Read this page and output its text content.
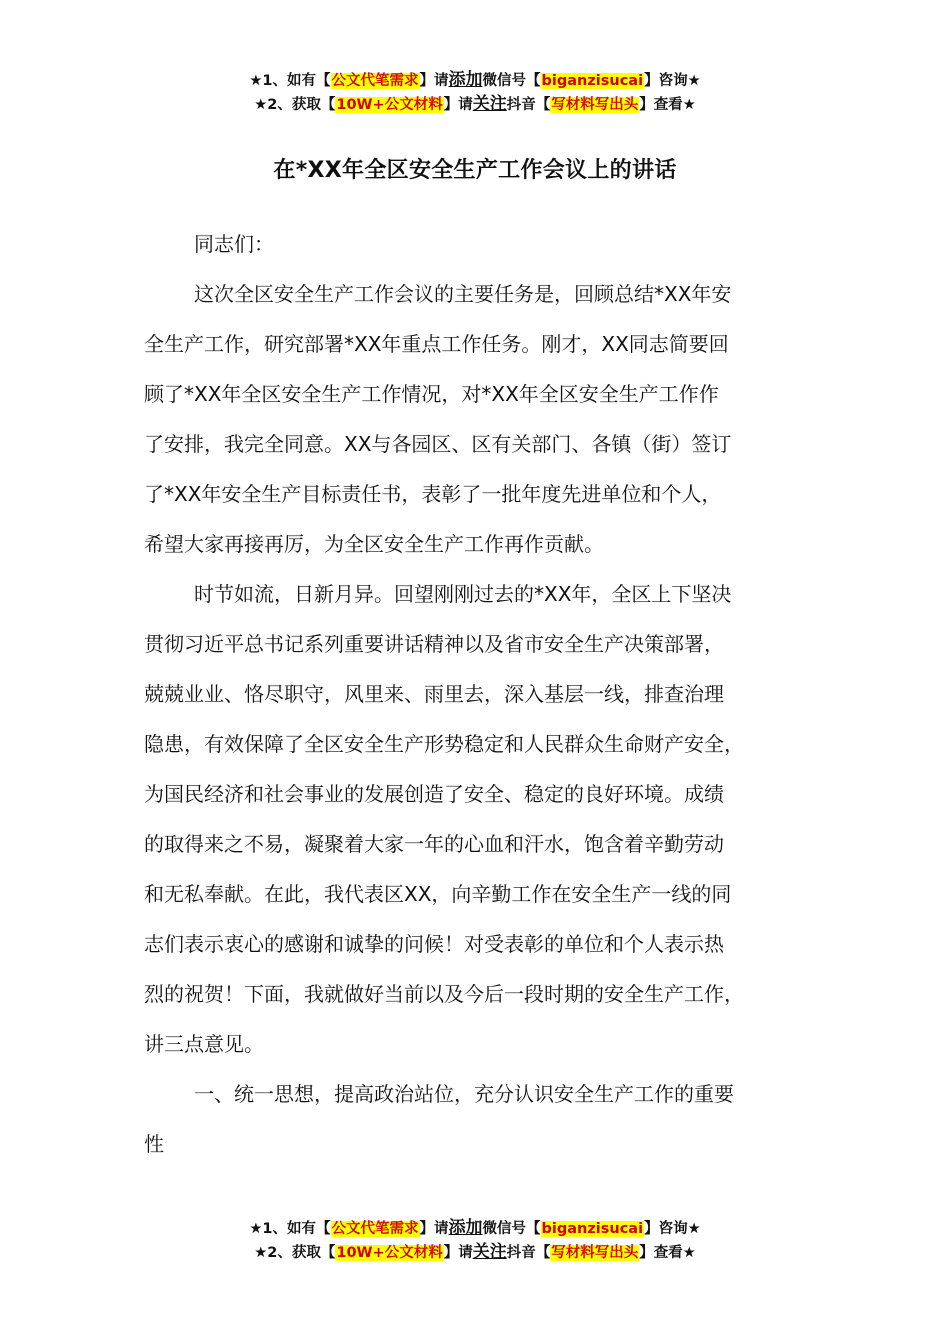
★1、如有【公文代笔需求】请添加微信号【biganzisucai】咨询★
★2、获取【10W+公文材料】请关注抖音【写材料写出头】查看★
在*XX年全区安全生产工作会议上的讲话
同志们：
这次全区安全生产工作会议的主要任务是，回顾总结*XX年安
全生产工作，研究部署*XX年重点工作任务。刚才，XX同志简要回
顾了*XX年全区安全生产工作情况，对*XX年全区安全生产工作作
了安排，我完全同意。XX与各园区、区有关部门、各镇（街）签订
了*XX年安全生产目标责任书，表彰了一批年度先进单位和个人，
希望大家再接再厉，为全区安全生产工作再作贡献。
时节如流，日新月异。回望刚刚过去的*XX年，全区上下坚决
贯彻习近平总书记系列重要讲话精神以及省市安全生产决策部署，
兢兢业业、恪尽职守，风里来、雨里去，深入基层一线，排查治理
隐患，有效保障了全区安全生产形势稳定和人民群众生命财产安全，
为国民经济和社会事业的发展创造了安全、稳定的良好环境。成绩
的取得来之不易，凝聚着大家一年的心血和汗水，饱含着辛勤劳动
和无私奉献。在此，我代表区XX，向辛勤工作在安全生产一线的同
志们表示衷心的感谢和诚挚的问候！对受表彰的单位和个人表示热
烈的祝贺！下面，我就做好当前以及今后一段时期的安全生产工作，
讲三点意见。
一、统一思想，提高政治站位，充分认识安全生产工作的重要
性
★1、如有【公文代笔需求】请添加微信号【biganzisucai】咨询★
★2、获取【10W+公文材料】请关注抖音【写材料写出头】查看★
